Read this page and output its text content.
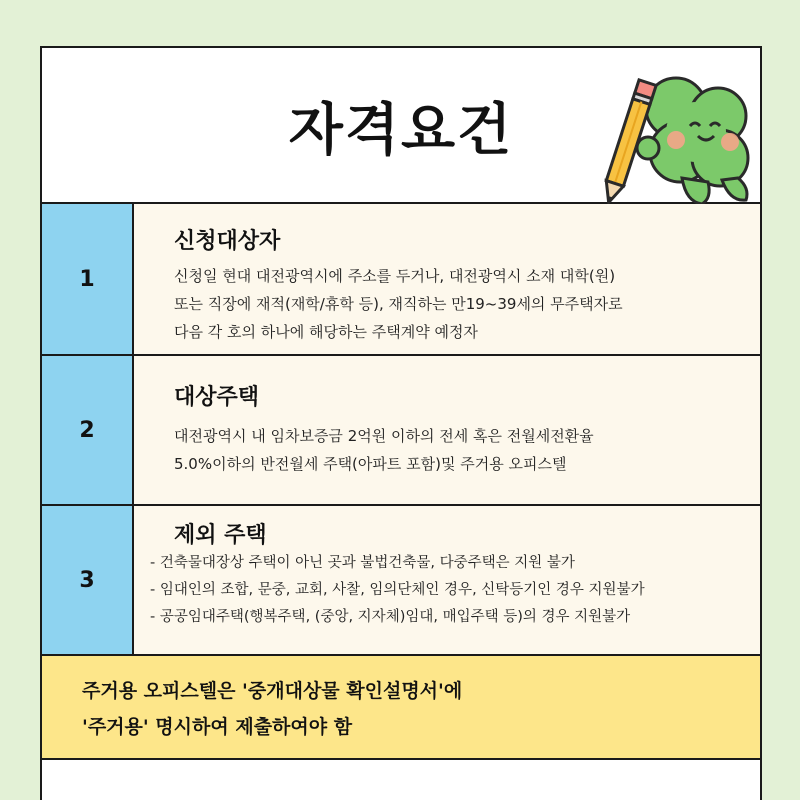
자격요건
1
신청대상자

신청일 현대 대전광역시에 주소를 두거나, 대전광역시 소재 대학(원)

또는 직장에 재적(재학/휴학 등), 재직하는 만19~39세의 무주택자로

다음 각 호의 하나에 해당하는 주택계약 예정자

2
대상주택

대전광역시 내 임차보증금 2억원 이하의 전세 혹은 전월세전환율

5.0%이하의 반전월세 주택(아파트 포함)및 주거용 오피스텔

3
제외 주택
- 건축물대장상 주택이 아닌 곳과 불법건축물, 다중주택은 지원 불가
- 임대인의 조합, 문중, 교회, 사찰, 임의단체인 경우, 신탁등기인 경우 지원불가
- 공공임대주택(행복주택, (중앙, 지자체)임대, 매입주택 등)의 경우 지원불가

주거용 오피스텔은 '중개대상물 확인설명서'에

'주거용' 명시하여 제출하여야 함
